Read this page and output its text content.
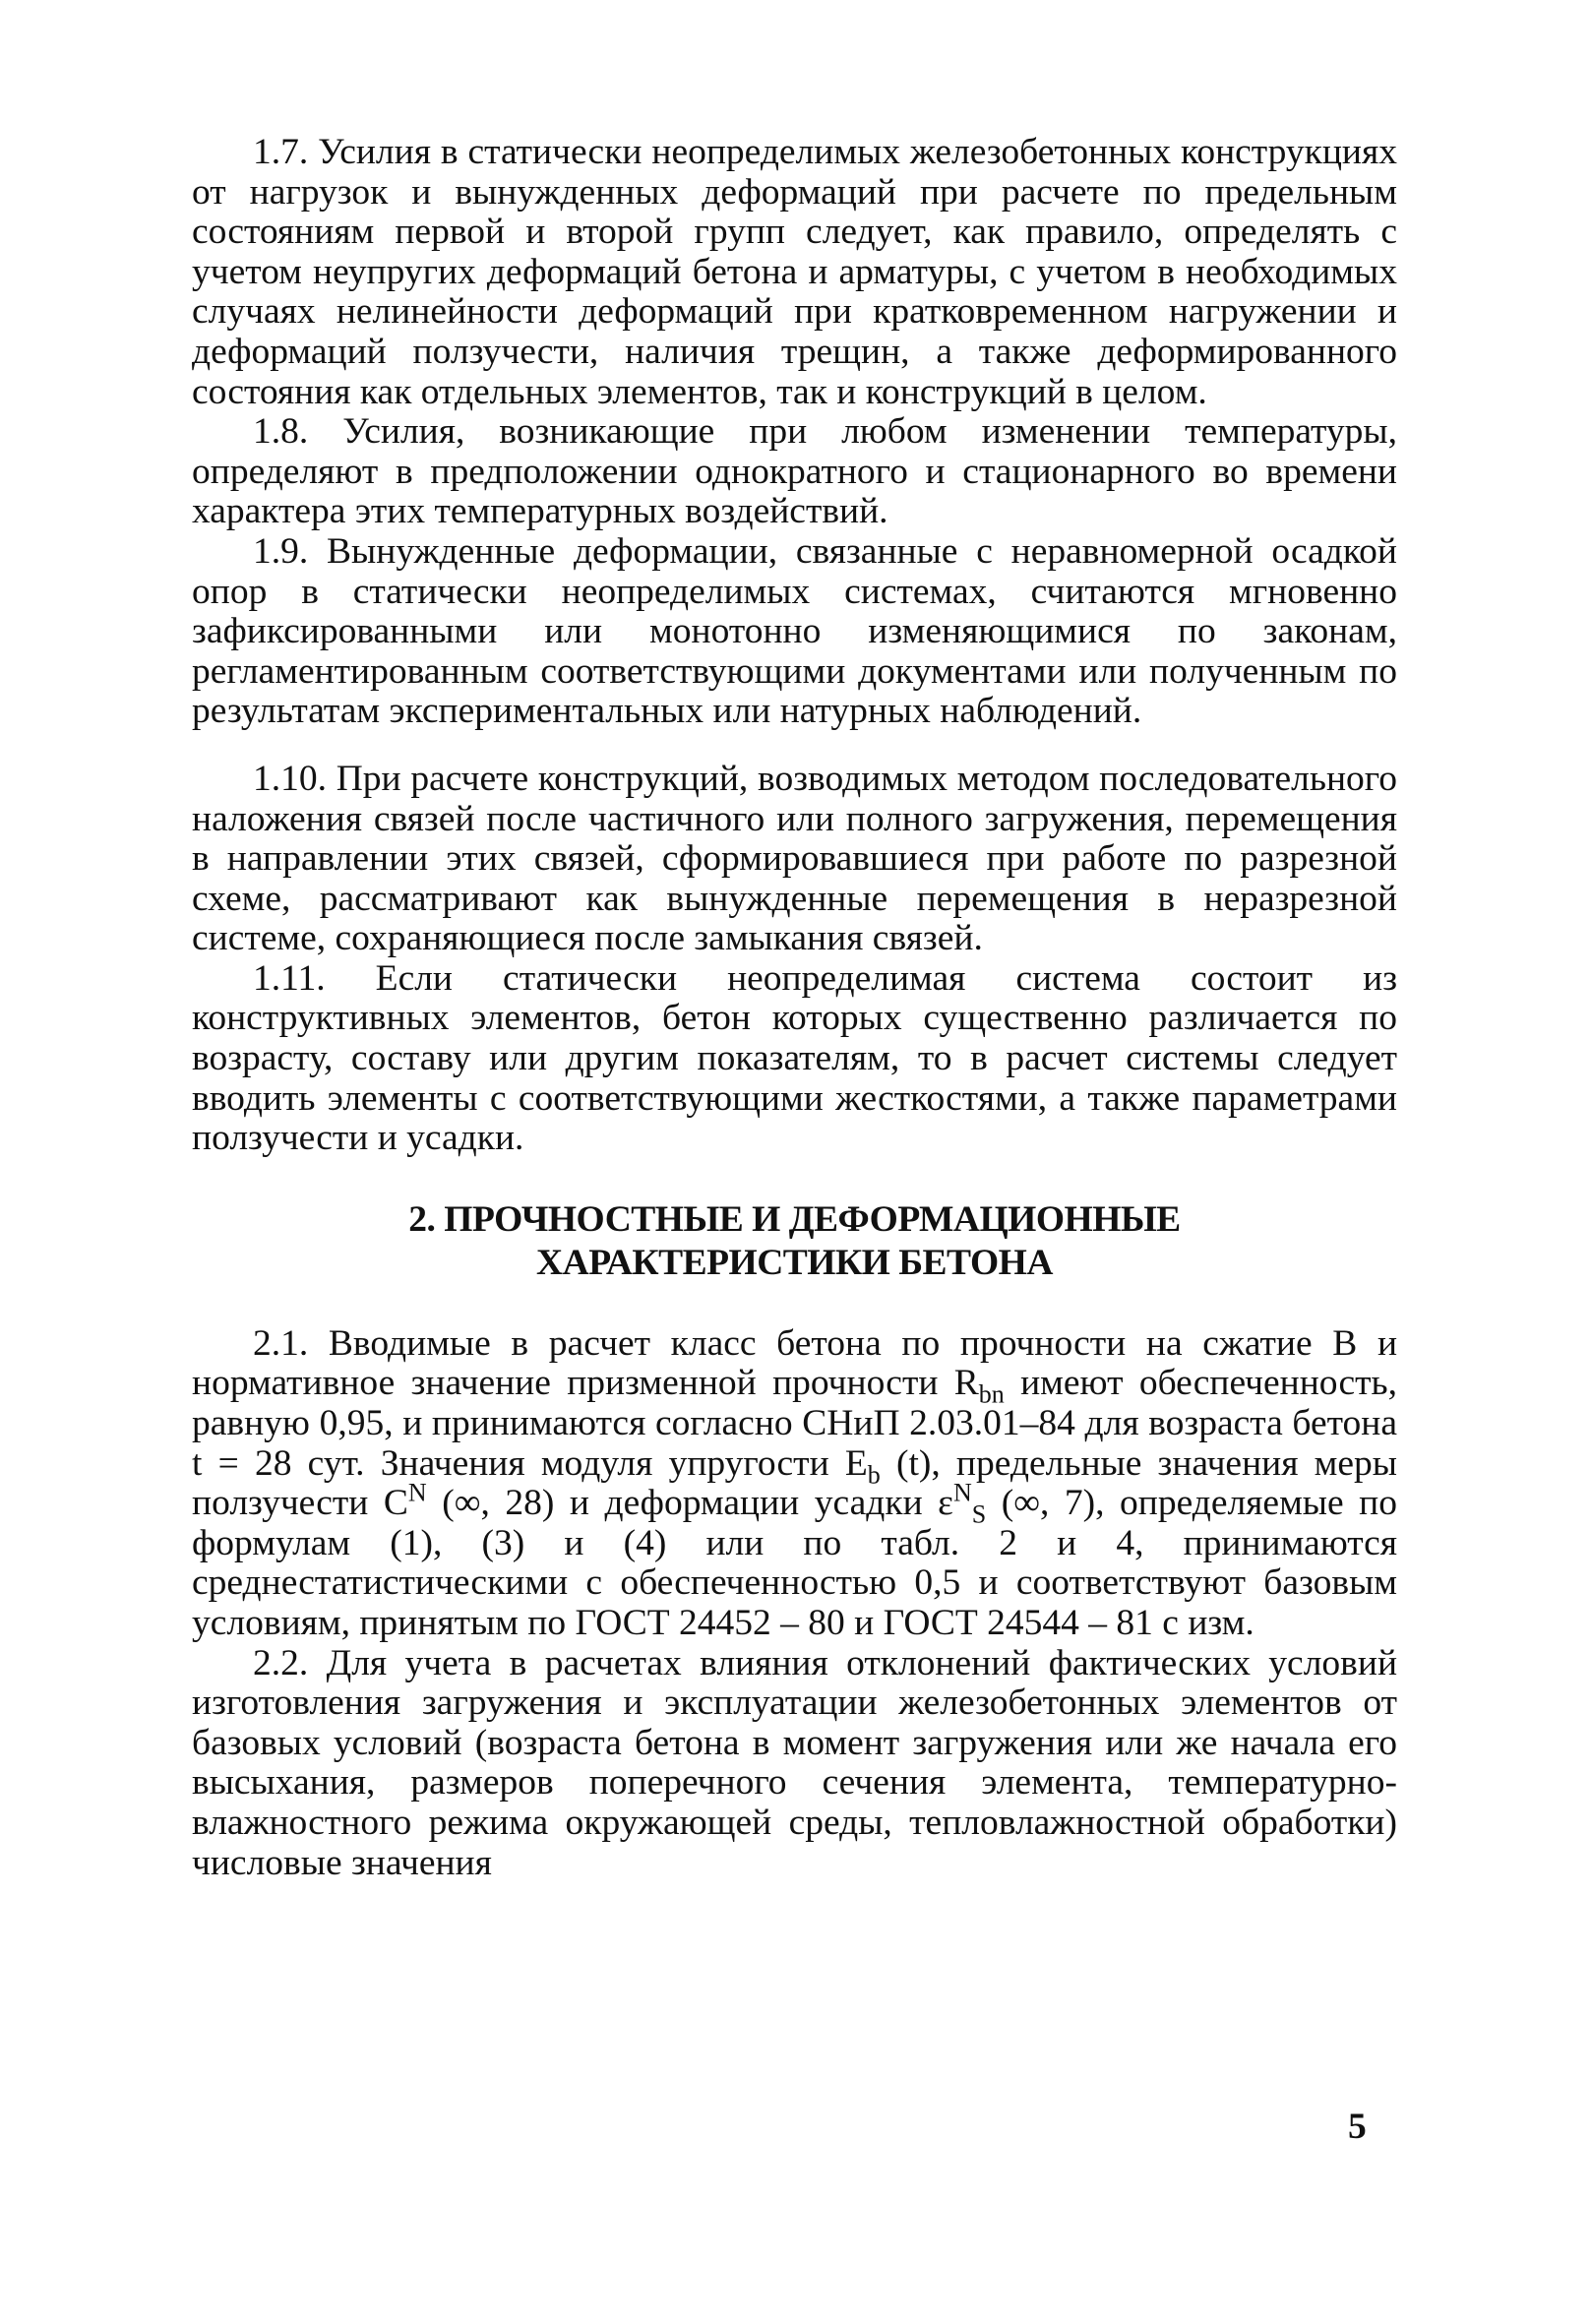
1.7. Усилия в статически неопределимых железобетонных конструкциях от нагрузок и вынужденных деформаций при расчете по предельным состояниям первой и второй групп следует, как правило, определять с учетом неупругих деформаций бетона и арматуры, с учетом в необходимых случаях нелинейности деформаций при кратковременном нагружении и деформаций ползучести, наличия трещин, а также деформированного состояния как отдельных элементов, так и конструкций в целом.

1.8. Усилия, возникающие при любом изменении температуры, определяют в предположении однократного и стационарного во времени характера этих температурных воздействий.

1.9. Вынужденные деформации, связанные с неравномерной осадкой опор в статически неопределимых системах, считаются мгновенно зафиксированными или монотонно изменяющимися по законам, регламентированным соответствующими документами или полученным по результатам экспериментальных или натурных наблюдений.

1.10. При расчете конструкций, возводимых методом последовательного наложения связей после частичного или полного загружения, перемещения в направлении этих связей, сформировавшиеся при работе по разрезной схеме, рассматривают как вынужденные перемещения в неразрезной системе, сохраняющиеся после замыкания связей.

1.11. Если статически неопределимая система состоит из конструктивных элементов, бетон которых существенно различается по возрасту, составу или другим показателям, то в расчет системы следует вводить элементы с соответствующими жесткостями, а также параметрами ползучести и усадки.

2. ПРОЧНОСТНЫЕ И ДЕФОРМАЦИОННЫЕ

ХАРАКТЕРИСТИКИ БЕТОНА

2.1. Вводимые в расчет класс бетона по прочности на сжатие В и нормативное значение призменной прочности $R_{bn}$ имеют обеспеченность, равную 0,95, и принимаются согласно СНиП 2.03.01–84 для возраста бетона t = 28 сут. Значения модуля упругости $E_b$ (t), предельные значения меры ползучести $C^N$ (∞, 28) и деформации усадки $\varepsilon^N_S$ (∞, 7), определяемые по формулам (1), (3) и (4) или по табл. 2 и 4, принимаются среднестатистическими с обеспеченностью 0,5 и соответствуют базовым условиям, принятым по ГОСТ 24452 – 80 и ГОСТ 24544 – 81 с изм.

2.2. Для учета в расчетах влияния отклонений фактических условий изготовления загружения и эксплуатации железобетонных элементов от базовых условий (возраста бетона в момент загружения или же начала его высыхания, размеров поперечного сечения элемента, температурно-влажностного режима окружающей среды, тепловлажностной обработки) числовые значения

5
